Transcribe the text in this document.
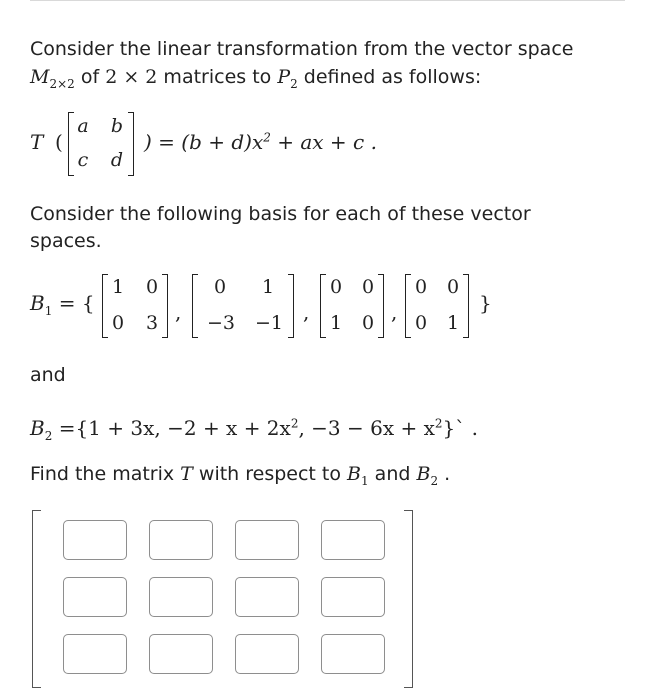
Consider the linear transformation from the vector space

$M_{2\times 2}$ of 2 × 2 matrices to $P_2$ defined as follows:

T (
a b
c d
) = $(b + d)x^2$ + ax + c .

Consider the following basis for each of these vector

spaces.

$B_1$ = {
1 0
0 3 ,
0	1
−3 −1 ,
0 0
1 0 ,
0 0
0 1
}

and

$B_2 =\{1 + 3x$, $-2 + x + 2x^2$, $-3 - 6x + x^2\}`$ .

Find the matrix T with respect to $B_1$ and $B_2$ .
